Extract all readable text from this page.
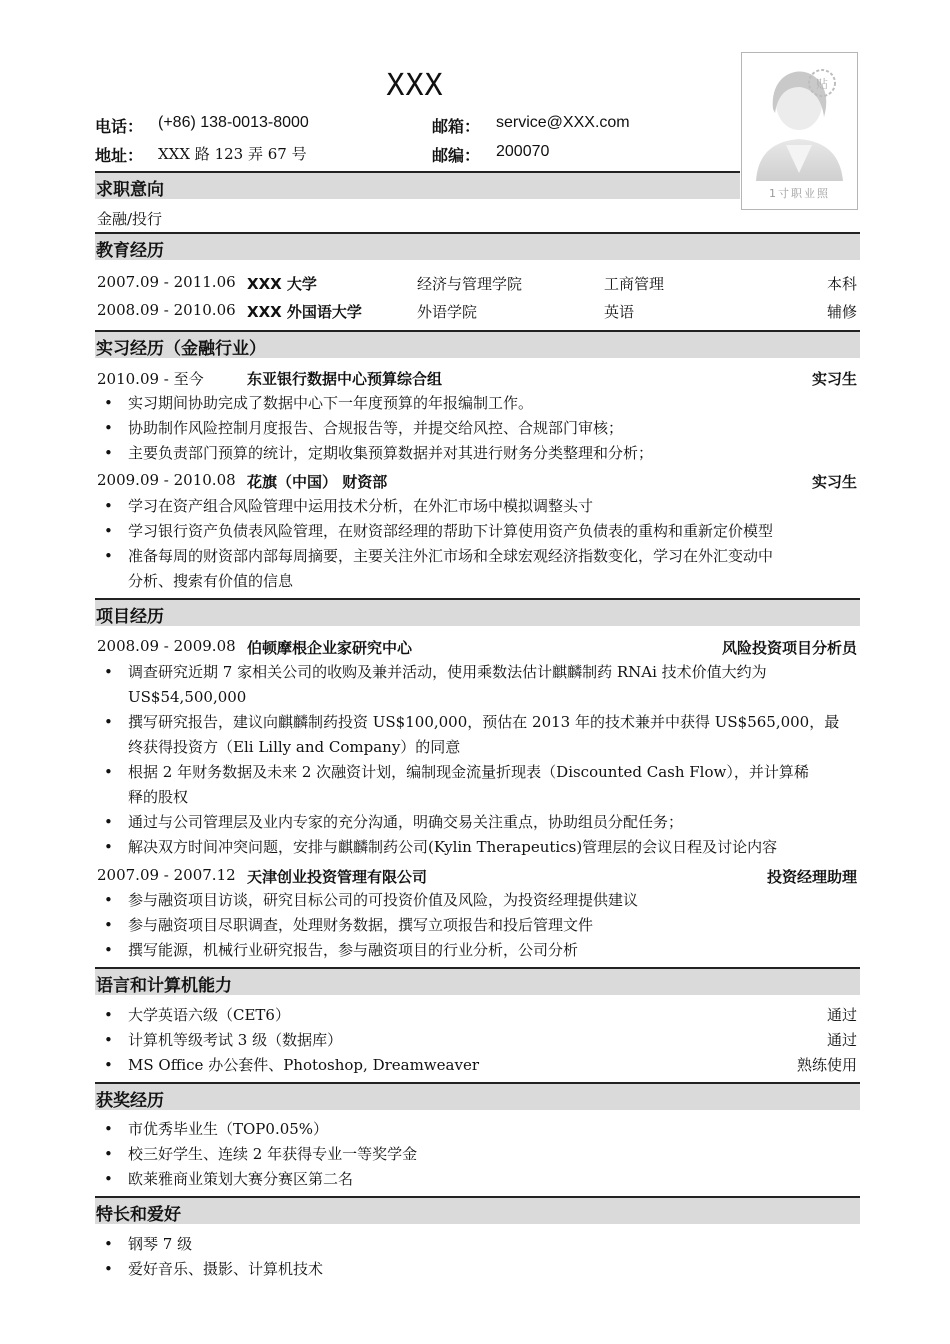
XXX	贴
1寸职业照
电话： (+86) 138-0013-8000	邮箱： service@XXX.com
地址： XXX 路 123 弄 67 号	邮编： 200070
求职意向
金融/投行
教育经历
2007.09 - 2011.06 XXX 大学	经济与管理学院	工商管理	本科
2008.09 - 2010.06 XXX 外国语大学	外语学院	英语	辅修
实习经历（金融行业）
2010.09 - 至今	东亚银行数据中心预算综合组	实习生
• 实习期间协助完成了数据中心下一年度预算的年报编制工作。
• 协助制作风险控制月度报告、合规报告等，并提交给风控、合规部门审核；
• 主要负责部门预算的统计，定期收集预算数据并对其进行财务分类整理和分析；
2009.09 - 2010.08 花旗（中国） 财资部	实习生
• 学习在资产组合风险管理中运用技术分析，在外汇市场中模拟调整头寸
• 学习银行资产负债表风险管理，在财资部经理的帮助下计算使用资产负债表的重构和重新定价模型
• 准备每周的财资部内部每周摘要，主要关注外汇市场和全球宏观经济指数变化，学习在外汇变动中
分析、搜索有价值的信息
项目经历
2008.09 - 2009.08 伯顿摩根企业家研究中心	风险投资项目分析员
• 调查研究近期 7 家相关公司的收购及兼并活动，使用乘数法估计麒麟制药 RNAi 技术价值大约为
US$54,500,000
• 撰写研究报告，建议向麒麟制药投资 US$100,000，预估在 2013 年的技术兼并中获得 US$565,000，最
终获得投资方（Eli Lilly and Company）的同意
• 根据 2 年财务数据及未来 2 次融资计划，编制现金流量折现表（Discounted Cash Flow），并计算稀
释的股权
• 通过与公司管理层及业内专家的充分沟通，明确交易关注重点，协助组员分配任务；
• 解决双方时间冲突问题，安排与麒麟制药公司(Kylin Therapeutics)管理层的会议日程及讨论内容
2007.09 - 2007.12 天津创业投资管理有限公司	投资经理助理
• 参与融资项目访谈，研究目标公司的可投资价值及风险，为投资经理提供建议
• 参与融资项目尽职调查，处理财务数据，撰写立项报告和投后管理文件
• 撰写能源，机械行业研究报告，参与融资项目的行业分析，公司分析
语言和计算机能力
• 大学英语六级（CET6）	通过
• 计算机等级考试 3 级（数据库）	通过
• MS Office 办公套件、Photoshop, Dreamweaver	熟练使用
获奖经历
• 市优秀毕业生（TOP0.05%）
• 校三好学生、连续 2 年获得专业一等奖学金
• 欧莱雅商业策划大赛分赛区第二名
特长和爱好
• 钢琴 7 级
• 爱好音乐、摄影、计算机技术
